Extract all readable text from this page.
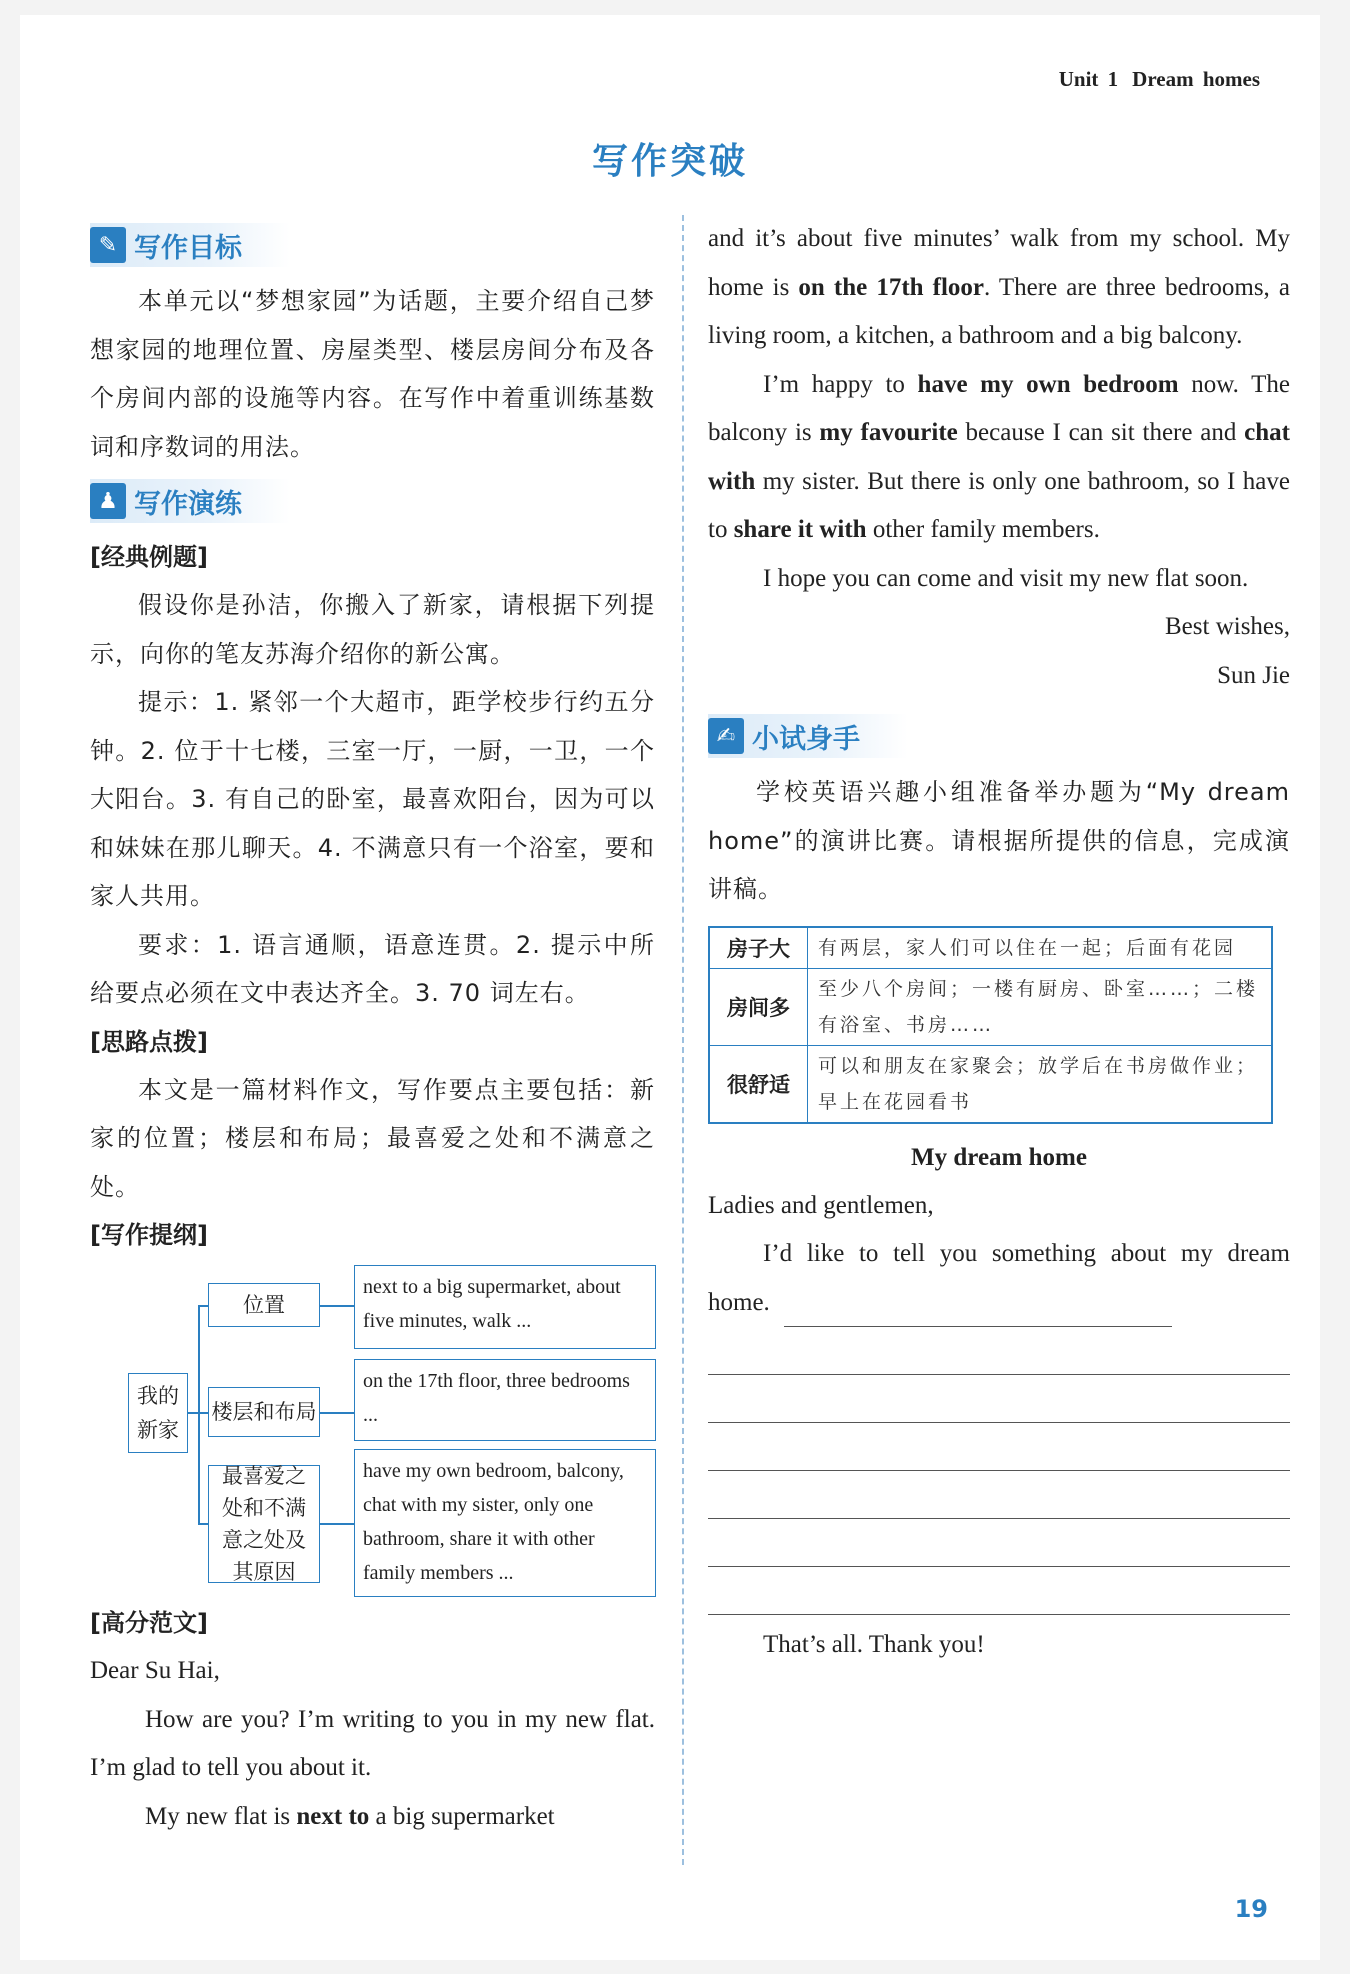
Unit 1 Dream homes
写作突破
✎ 写作目标

本单元以“梦想家园”为话题，主要介绍自己梦想家园的地理位置、房屋类型、楼层房间分布及各个房间内部的设施等内容。在写作中着重训练基数词和序数词的用法。

♟ 写作演练

[经典例题]

假设你是孙洁，你搬入了新家，请根据下列提示，向你的笔友苏海介绍你的新公寓。

提示：1. 紧邻一个大超市，距学校步行约五分钟。2. 位于十七楼，三室一厅，一厨，一卫，一个大阳台。3. 有自己的卧室，最喜欢阳台，因为可以和妹妹在那儿聊天。4. 不满意只有一个浴室，要和家人共用。

要求：1. 语言通顺，语意连贯。2. 提示中所给要点必须在文中表达齐全。3. 70 词左右。

[思路点拨]

本文是一篇材料作文，写作要点主要包括：新家的位置；楼层和布局；最喜爱之处和不满意之处。

[写作提纲]

我的新家
位置
楼层和布局
最喜爱之处和不满意之处及其原因
next to a big supermarket, about five minutes, walk ...
on the 17th floor, three bedrooms ...
have my own bedroom, balcony, chat with my sister, only one bathroom, share it with other family members ...

[高分范文]

Dear Su Hai,

How are you? I’m writing to you in my new flat. I’m glad to tell you about it.

My new flat is next to a big supermarket

and it’s about five minutes’ walk from my school. My home is on the 17th floor. There are three bedrooms, a living room, a kitchen, a bathroom and a big balcony.

I’m happy to have my own bedroom now. The balcony is my favourite because I can sit there and chat with my sister. But there is only one bathroom, so I have to share it with other family members.

I hope you can come and visit my new flat soon.

Best wishes,

Sun Jie

✍ 小试身手

学校英语兴趣小组准备举办题为“My dream home”的演讲比赛。请根据所提供的信息，完成演讲稿。

房子大	有两层，家人们可以住在一起；后面有花园
房间多	至少八个房间；一楼有厨房、卧室……；二楼有浴室、书房……
很舒适	可以和朋友在家聚会；放学后在书房做作业；早上在花园看书

My dream home

Ladies and gentlemen,

I’d like to tell you something about my dream home.

That’s all. Thank you!

19
